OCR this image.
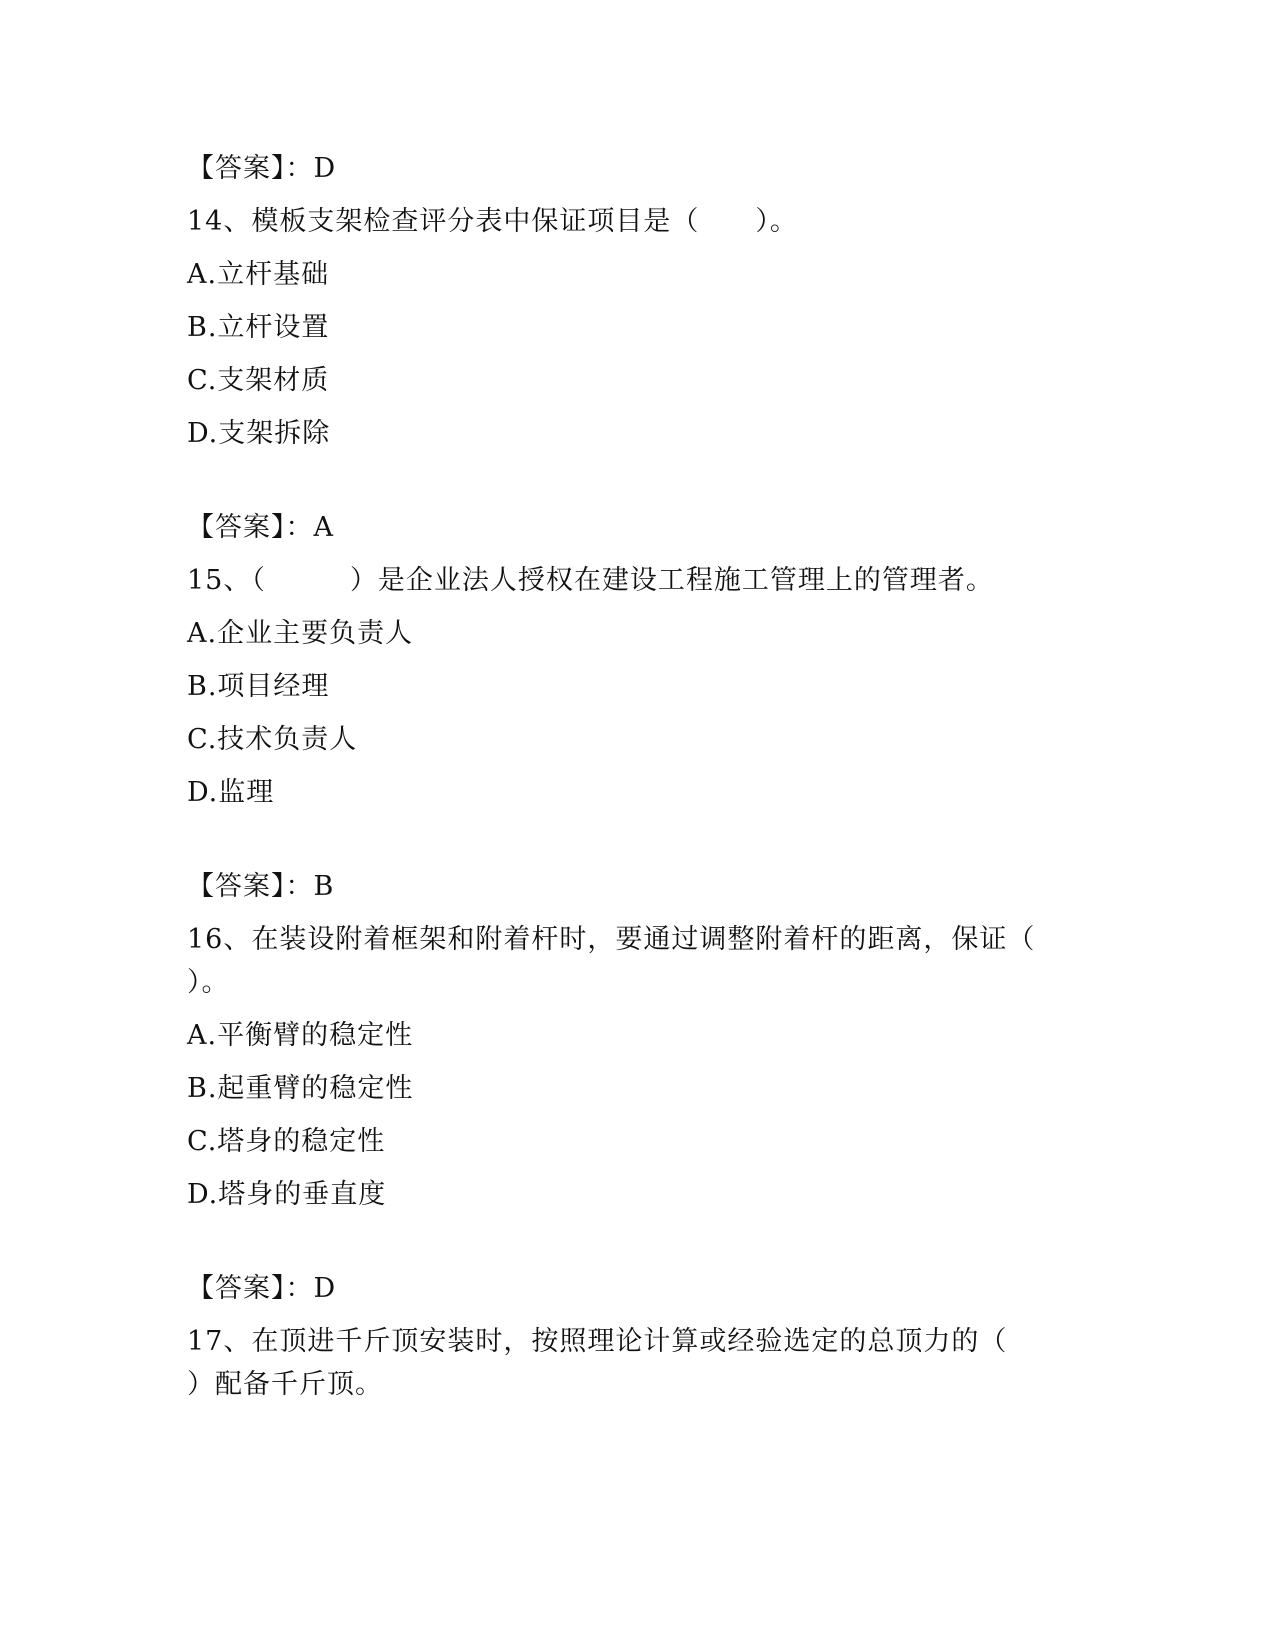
【答案】：D
14、模板支架检查评分表中保证项目是（　　）。
A.立杆基础
B.立杆设置
C.支架材质
D.支架拆除
【答案】：A
15、（　　　）是企业法人授权在建设工程施工管理上的管理者。
A.企业主要负责人
B.项目经理
C.技术负责人
D.监理
【答案】：B
16、在装设附着框架和附着杆时，要通过调整附着杆的距离，保证（
）。
A.平衡臂的稳定性
B.起重臂的稳定性
C.塔身的稳定性
D.塔身的垂直度
【答案】：D
17、在顶进千斤顶安装时，按照理论计算或经验选定的总顶力的（
）配备千斤顶。
